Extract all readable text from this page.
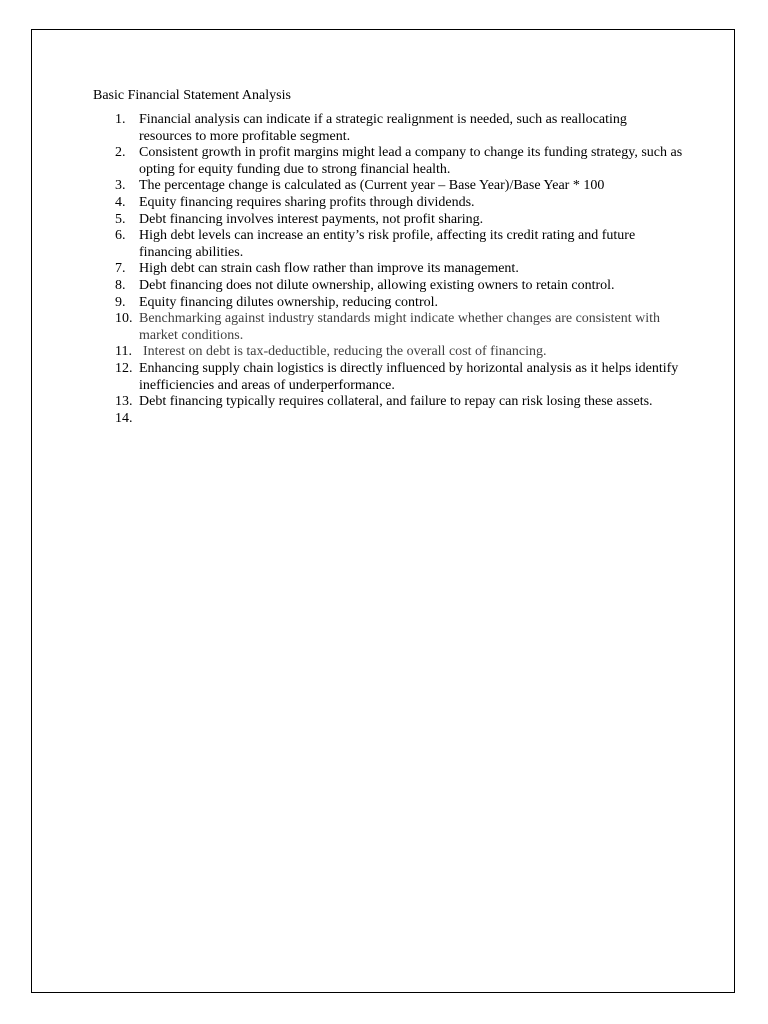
Basic Financial Statement Analysis
1. Financial analysis can indicate if a strategic realignment is needed, such as reallocating resources to more profitable segment.
2. Consistent growth in profit margins might lead a company to change its funding strategy, such as opting for equity funding due to strong financial health.
3. The percentage change is calculated as (Current year – Base Year)/Base Year * 100
4. Equity financing requires sharing profits through dividends.
5. Debt financing involves interest payments, not profit sharing.
6. High debt levels can increase an entity’s risk profile, affecting its credit rating and future financing abilities.
7. High debt can strain cash flow rather than improve its management.
8. Debt financing does not dilute ownership, allowing existing owners to retain control.
9. Equity financing dilutes ownership, reducing control.
10. Benchmarking against industry standards might indicate whether changes are consistent with market conditions.
11. Interest on debt is tax-deductible, reducing the overall cost of financing.
12. Enhancing supply chain logistics is directly influenced by horizontal analysis as it helps identify inefficiencies and areas of underperformance.
13. Debt financing typically requires collateral, and failure to repay can risk losing these assets.
14.
